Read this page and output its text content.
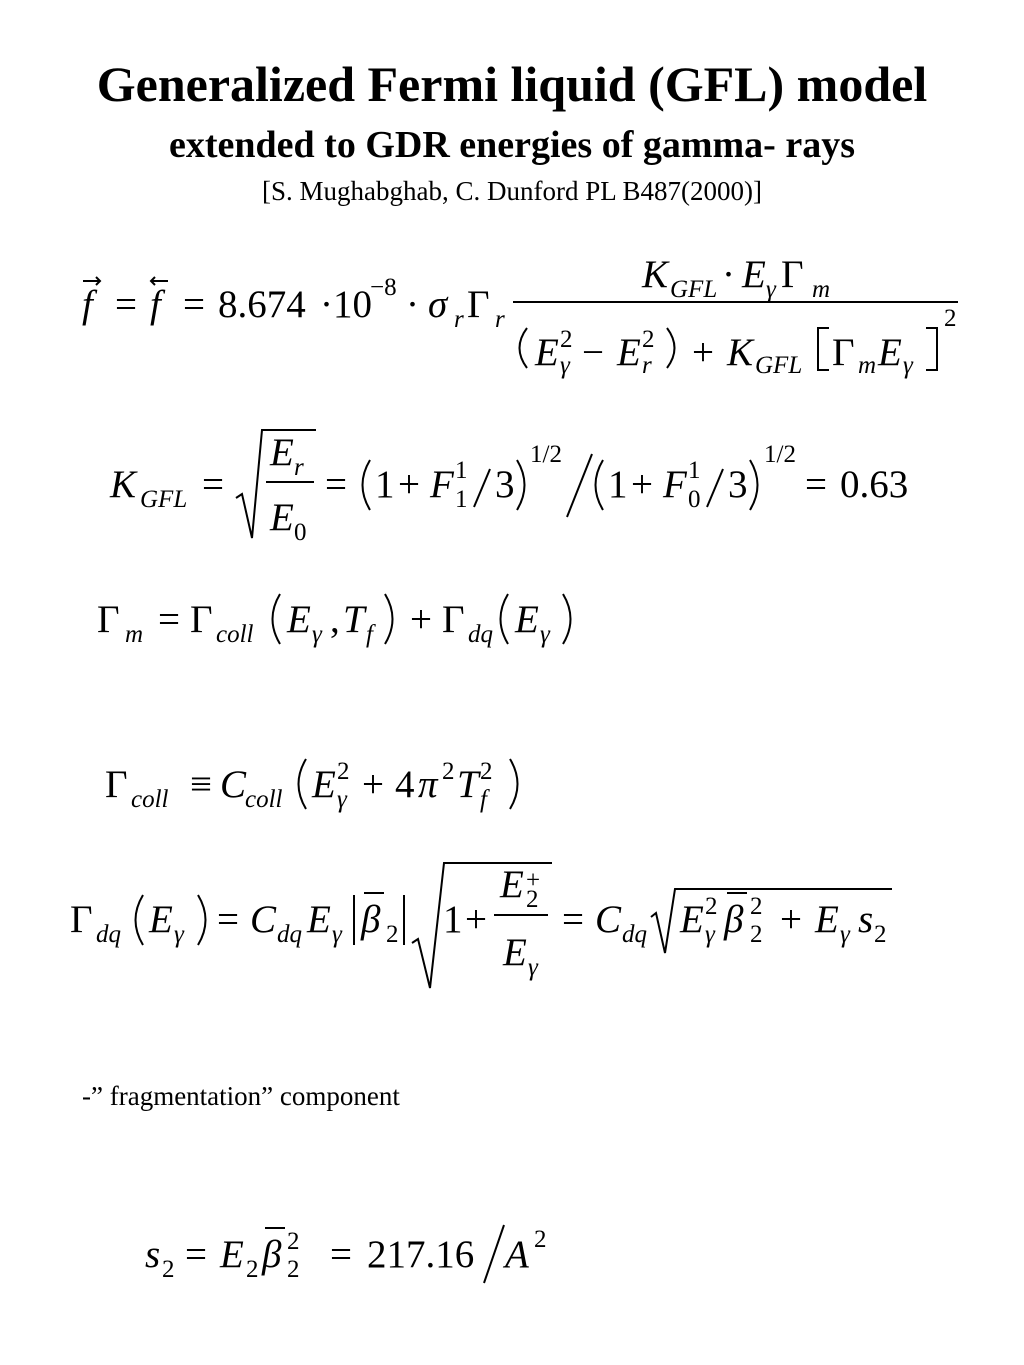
Generalized Fermi liquid (GFL) model
extended to GDR energies of gamma- rays
[S. Mughabghab, C. Dunford PL B487(2000)]
f = f = 8.674 ·10
−8 · σ r Γ r
K GFL · E γ Γ m
E 2
γ − E 2
r + K GFL Γ m E γ
2
K GFL =
E r
E 0
= 1 + F 1
1 3
1/2
1 + F 1
0 3
1/2
= 0.63
Γ m = Γ coll E γ , T f + Γ dq E γ
Γ coll ≡ C
coll E 2
γ + 4 π 2 T 2
f
Γ dq E γ = C dq E γ β 2 1 +
E +
2
E γ
= C dq E 2
γ β 2
2 + E γ s 2
-” fragmentation” component
s 2 = E 2 β 2
2 = 217.16 A 2
